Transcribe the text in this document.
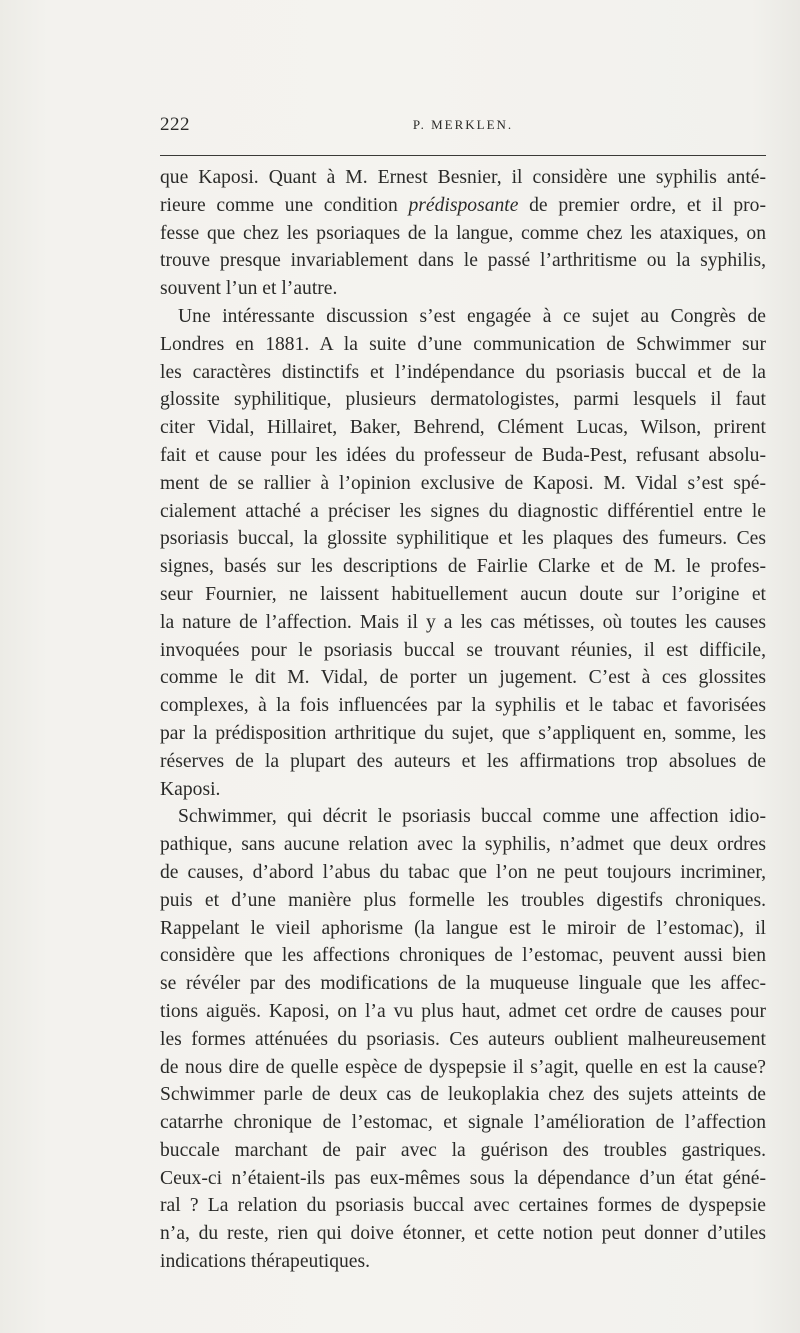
222	P. MERKLEN.

que Kaposi. Quant à M. Ernest Besnier, il considère une syphilis anté-
rieure comme une condition prédisposante de premier ordre, et il pro-
fesse que chez les psoriaques de la langue, comme chez les ataxiques, on
trouve presque invariablement dans le passé l’arthritisme ou la syphilis,
souvent l’un et l’autre.

Une intéressante discussion s’est engagée à ce sujet au Congrès de
Londres en 1881. A la suite d’une communication de Schwimmer sur
les caractères distinctifs et l’indépendance du psoriasis buccal et de la
glossite syphilitique, plusieurs dermatologistes, parmi lesquels il faut
citer Vidal, Hillairet, Baker, Behrend, Clément Lucas, Wilson, prirent
fait et cause pour les idées du professeur de Buda-Pest, refusant absolu-
ment de se rallier à l’opinion exclusive de Kaposi. M. Vidal s’est spé-
cialement attaché a préciser les signes du diagnostic différentiel entre le
psoriasis buccal, la glossite syphilitique et les plaques des fumeurs. Ces
signes, basés sur les descriptions de Fairlie Clarke et de M. le profes-
seur Fournier, ne laissent habituellement aucun doute sur l’origine et
la nature de l’affection. Mais il y a les cas métisses, où toutes les causes
invoquées pour le psoriasis buccal se trouvant réunies, il est difficile,
comme le dit M. Vidal, de porter un jugement. C’est à ces glossites
complexes, à la fois influencées par la syphilis et le tabac et favorisées
par la prédisposition arthritique du sujet, que s’appliquent en, somme, les
réserves de la plupart des auteurs et les affirmations trop absolues de
Kaposi.

Schwimmer, qui décrit le psoriasis buccal comme une affection idio-
pathique, sans aucune relation avec la syphilis, n’admet que deux ordres
de causes, d’abord l’abus du tabac que l’on ne peut toujours incriminer,
puis et d’une manière plus formelle les troubles digestifs chroniques.
Rappelant le vieil aphorisme (la langue est le miroir de l’estomac), il
considère que les affections chroniques de l’estomac, peuvent aussi bien
se révéler par des modifications de la muqueuse linguale que les affec-
tions aiguës. Kaposi, on l’a vu plus haut, admet cet ordre de causes pour
les formes atténuées du psoriasis. Ces auteurs oublient malheureusement
de nous dire de quelle espèce de dyspepsie il s’agit, quelle en est la cause?
Schwimmer parle de deux cas de leukoplakia chez des sujets atteints de
catarrhe chronique de l’estomac, et signale l’amélioration de l’affection
buccale marchant de pair avec la guérison des troubles gastriques.
Ceux-ci n’étaient-ils pas eux-mêmes sous la dépendance d’un état géné-
ral ? La relation du psoriasis buccal avec certaines formes de dyspepsie
n’a, du reste, rien qui doive étonner, et cette notion peut donner d’utiles
indications thérapeutiques.
